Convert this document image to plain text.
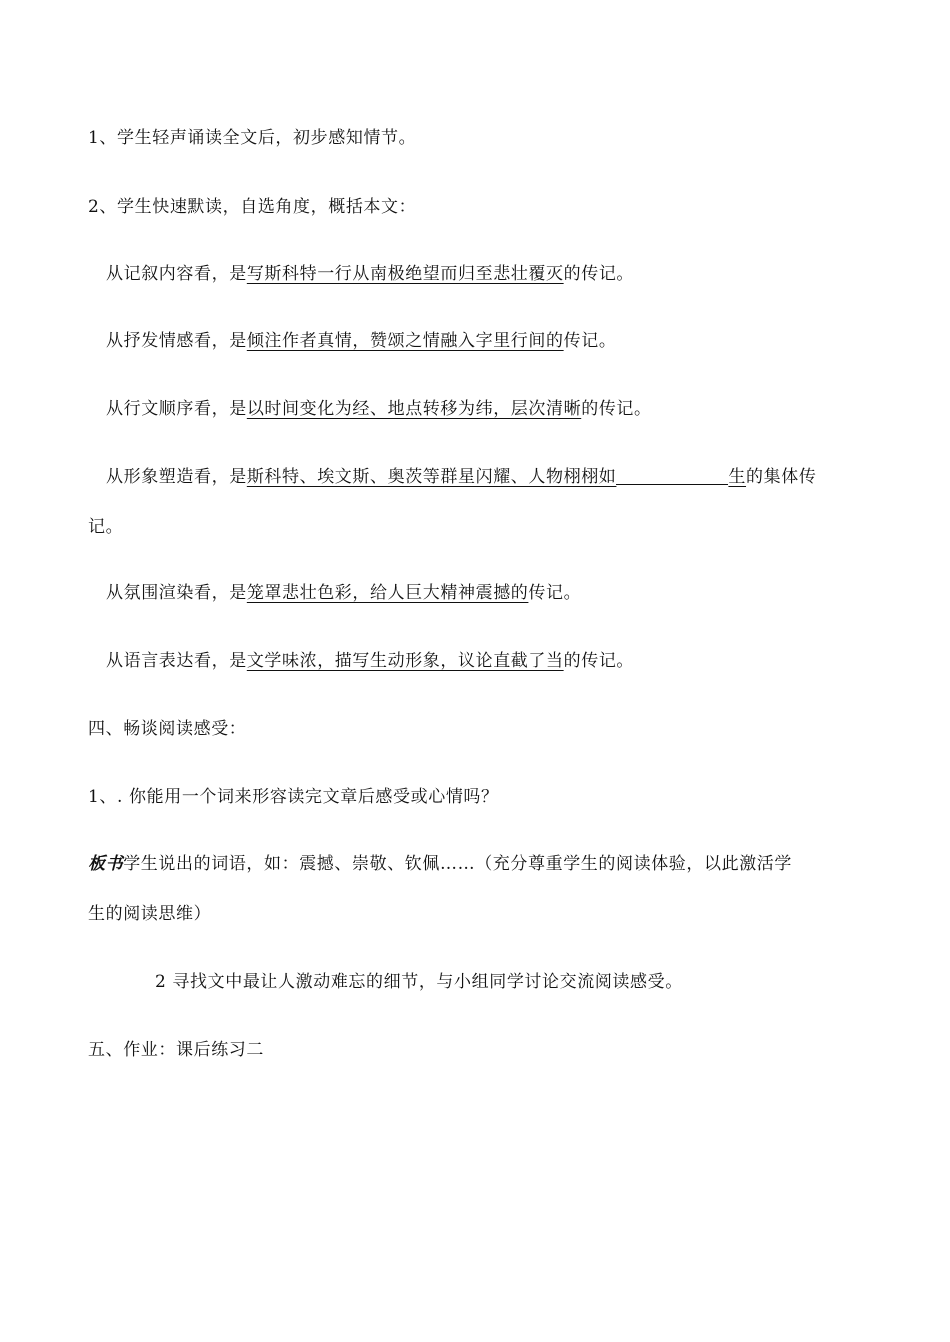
1、学生轻声诵读全文后，初步感知情节。
2、学生快速默读，自选角度，概括本文：
从记叙内容看，是写斯科特一行从南极绝望而归至悲壮覆灭的传记。
从抒发情感看，是倾注作者真情，赞颂之情融入字里行间的传记。
从行文顺序看，是以时间变化为经、地点转移为纬，层次清晰的传记。
从形象塑造看，是斯科特、埃文斯、奥茨等群星闪耀、人物栩栩如	生的集体传
记。
从氛围渲染看，是笼罩悲壮色彩，给人巨大精神震撼的传记。
从语言表达看，是文学味浓，描写生动形象，议论直截了当的传记。
四、畅谈阅读感受：
1、. 你能用一个词来形容读完文章后感受或心情吗？
板书学生说出的词语，如：震撼、崇敬、钦佩……（充分尊重学生的阅读体验，以此激活学
生的阅读思维）
2 寻找文中最让人激动难忘的细节，与小组同学讨论交流阅读感受。
五、作业：课后练习二
